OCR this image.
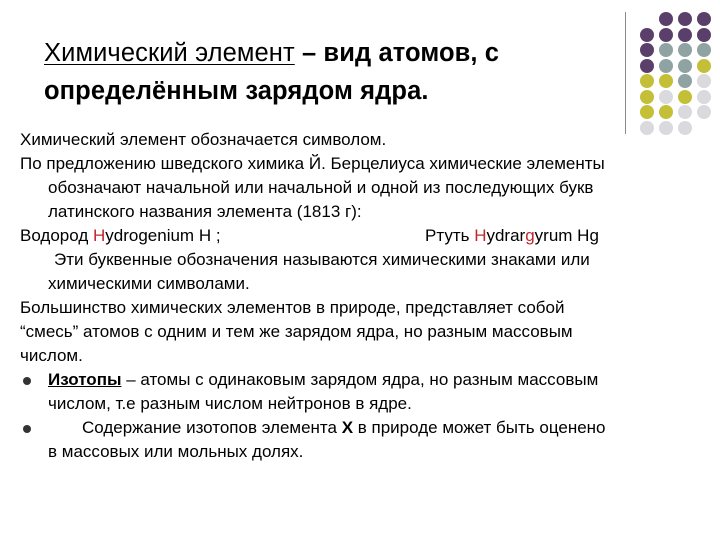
Химический элемент – вид атомов, с
определённым зарядом ядра.

Химический элемент обозначается символом.

По предложению шведского химика Й. Берцелиуса химические элементы

обозначают начальной или начальной и одной из последующих букв

латинского названия элемента (1813 г):

Водород Hydrogenium H ;	Ртуть Hydrargyrum Hg

Эти буквенные обозначения называются химическими знаками или

химическими символами.

Большинство химических элементов в природе, представляет собой

“смесь” атомов с одним и тем же зарядом ядра, но разным массовым

числом.

Изотопы – атомы с одинаковым зарядом ядра, но разным массовым
числом, т.е разным числом нейтронов в ядре.
Содержание изотопов элемента X в природе может быть оценено
в массовых или мольных долях.
